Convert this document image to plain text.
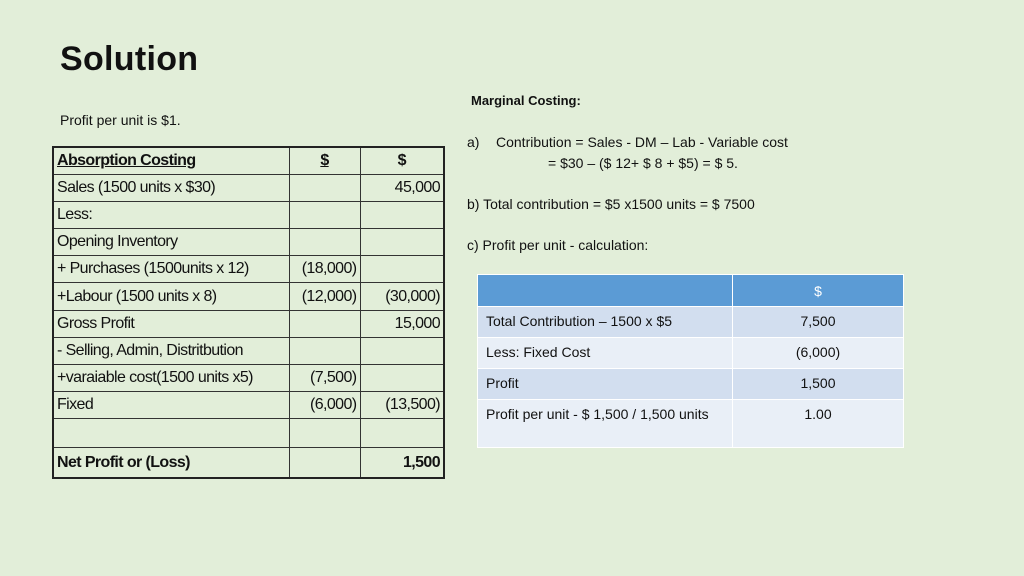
Solution
Profit per unit is $1.
Absorption Costing	$	$
Sales (1500 units x $30)		45,000
Less:		
Opening Inventory		
+ Purchases (1500units x 12)	(18,000)	
+Labour (1500 units x 8)	(12,000)	(30,000)
Gross Profit		15,000
- Selling, Admin, Distritbution		
+varaiable cost(1500 units x5)	(7,500)	
Fixed	(6,000)	(13,500)

Net Profit or (Loss)		1,500
Marginal Costing:
a) Contribution = Sales - DM – Lab - Variable cost
= $30 – ($ 12+ $ 8 + $5) = $ 5.
b) Total contribution = $5 x1500 units = $ 7500
c) Profit per unit - calculation:
	$
Total Contribution – 1500 x $5	7,500
Less: Fixed Cost	(6,000)
Profit	1,500
Profit per unit - $ 1,500 / 1,500 units	1.00
